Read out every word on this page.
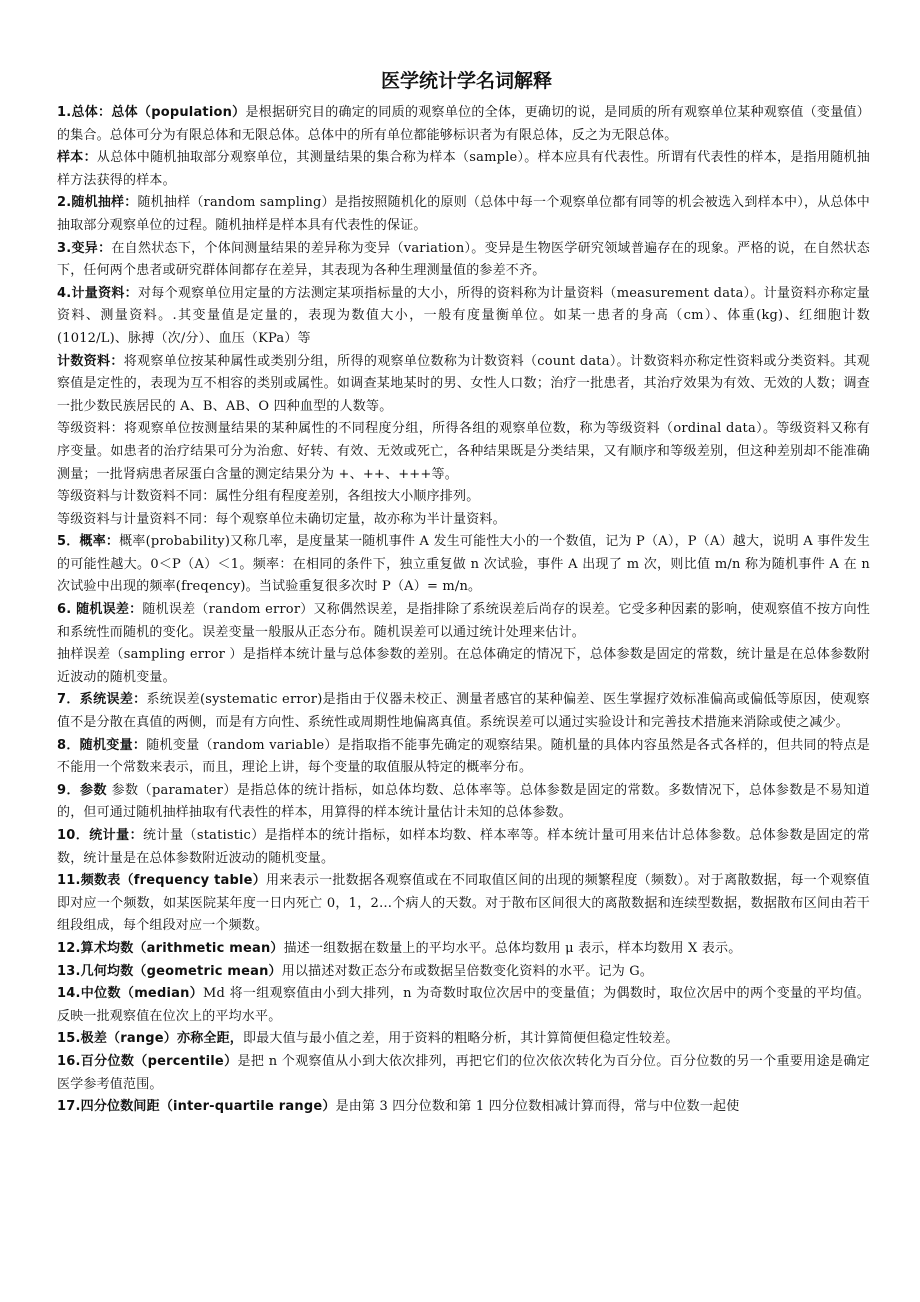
医学统计学名词解释

1.总体：总体（population）是根据研究目的确定的同质的观察单位的全体，更确切的说，是同质的所有观察单位某种观察值（变量值）的集合。总体可分为有限总体和无限总体。总体中的所有单位都能够标识者为有限总体，反之为无限总体。

样本：从总体中随机抽取部分观察单位，其测量结果的集合称为样本（sample）。样本应具有代表性。所谓有代表性的样本，是指用随机抽样方法获得的样本。

2.随机抽样：随机抽样（random sampling）是指按照随机化的原则（总体中每一个观察单位都有同等的机会被选入到样本中），从总体中抽取部分观察单位的过程。随机抽样是样本具有代表性的保证。

3.变异：在自然状态下，个体间测量结果的差异称为变异（variation）。变异是生物医学研究领域普遍存在的现象。严格的说，在自然状态下，任何两个患者或研究群体间都存在差异，其表现为各种生理测量值的参差不齐。

4.计量资料：对每个观察单位用定量的方法测定某项指标量的大小，所得的资料称为计量资料（measurement data）。计量资料亦称定量资料、测量资料。.其变量值是定量的，表现为数值大小，一般有度量衡单位。如某一患者的身高（cm）、体重(kg)、红细胞计数(1012/L)、脉搏（次/分）、血压（KPa）等

计数资料：将观察单位按某种属性或类别分组，所得的观察单位数称为计数资料（count data）。计数资料亦称定性资料或分类资料。其观察值是定性的，表现为互不相容的类别或属性。如调查某地某时的男、女性人口数；治疗一批患者，其治疗效果为有效、无效的人数；调查一批少数民族居民的 A、B、AB、O 四种血型的人数等。

等级资料：将观察单位按测量结果的某种属性的不同程度分组，所得各组的观察单位数，称为等级资料（ordinal data）。等级资料又称有序变量。如患者的治疗结果可分为治愈、好转、有效、无效或死亡，各种结果既是分类结果，又有顺序和等级差别，但这种差别却不能准确测量；一批肾病患者尿蛋白含量的测定结果分为 +、++、+++等。

等级资料与计数资料不同：属性分组有程度差别，各组按大小顺序排列。

等级资料与计量资料不同：每个观察单位未确切定量，故亦称为半计量资料。

5．概率：概率(probability)又称几率，是度量某一随机事件 A 发生可能性大小的一个数值，记为 P（A），P（A）越大，说明 A 事件发生的可能性越大。0＜P（A）＜1。频率：在相同的条件下，独立重复做 n 次试验，事件 A 出现了 m 次，则比值 m/n 称为随机事件 A 在 n 次试验中出现的频率(freqency)。当试验重复很多次时 P（A）= m/n。

6. 随机误差：随机误差（random error）又称偶然误差，是指排除了系统误差后尚存的误差。它受多种因素的影响，使观察值不按方向性和系统性而随机的变化。误差变量一般服从正态分布。随机误差可以通过统计处理来估计。

抽样误差（sampling error ）是指样本统计量与总体参数的差别。在总体确定的情况下，总体参数是固定的常数，统计量是在总体参数附近波动的随机变量。

7．系统误差：系统误差(systematic error)是指由于仪器未校正、测量者感官的某种偏差、医生掌握疗效标准偏高或偏低等原因，使观察值不是分散在真值的两侧，而是有方向性、系统性或周期性地偏离真值。系统误差可以通过实验设计和完善技术措施来消除或使之减少。

8．随机变量：随机变量（random variable）是指取指不能事先确定的观察结果。随机量的具体内容虽然是各式各样的，但共同的特点是不能用一个常数来表示，而且，理论上讲，每个变量的取值服从特定的概率分布。

9．参数 参数（paramater）是指总体的统计指标，如总体均数、总体率等。总体参数是固定的常数。多数情况下，总体参数是不易知道的，但可通过随机抽样抽取有代表性的样本，用算得的样本统计量估计未知的总体参数。

10．统计量：统计量（statistic）是指样本的统计指标，如样本均数、样本率等。样本统计量可用来估计总体参数。总体参数是固定的常数，统计量是在总体参数附近波动的随机变量。

11.频数表（frequency table）用来表示一批数据各观察值或在不同取值区间的出现的频繁程度（频数）。对于离散数据，每一个观察值即对应一个频数，如某医院某年度一日内死亡 0，1，2…个病人的天数。对于散布区间很大的离散数据和连续型数据，数据散布区间由若干组段组成，每个组段对应一个频数。

12.算术均数（arithmetic mean）描述一组数据在数量上的平均水平。总体均数用 μ 表示，样本均数用 X 表示。

13.几何均数（geometric mean）用以描述对数正态分布或数据呈倍数变化资料的水平。记为 G。

14.中位数（median）Md 将一组观察值由小到大排列，n 为奇数时取位次居中的变量值；为偶数时，取位次居中的两个变量的平均值。反映一批观察值在位次上的平均水平。

15.极差（range）亦称全距，即最大值与最小值之差，用于资料的粗略分析，其计算简便但稳定性较差。

16.百分位数（percentile）是把 n 个观察值从小到大依次排列，再把它们的位次依次转化为百分位。百分位数的另一个重要用途是确定医学参考值范围。

17.四分位数间距（inter-quartile range）是由第 3 四分位数和第 1 四分位数相减计算而得，常与中位数一起使
